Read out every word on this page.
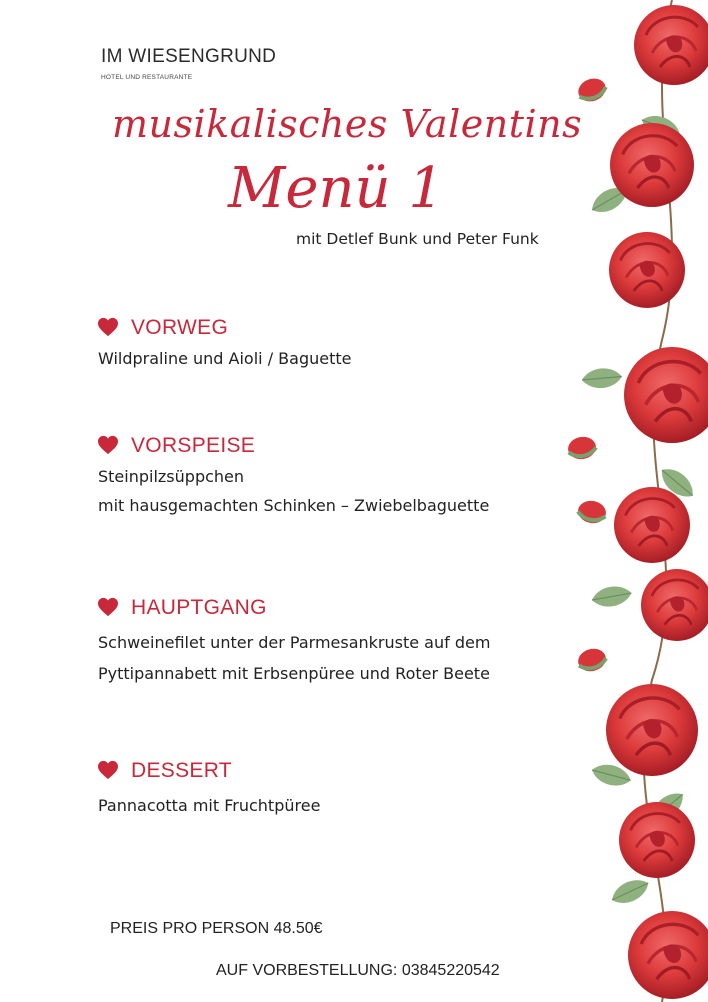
IM WIESENGRUND
HOTEL UND RESTAURANTE
musikalisches Valentins
Menü 1
mit Detlef Bunk und Peter Funk
VORWEG
Wildpraline und Aioli / Baguette
VORSPEISE
Steinpilzsüppchen
mit hausgemachten Schinken – Zwiebelbaguette
HAUPTGANG
Schweinefilet unter der Parmesankruste auf dem
Pyttipannabett mit Erbsenpüree und Roter Beete
DESSERT
Pannacotta mit Fruchtpüree
PREIS PRO PERSON 48.50€
AUF VORBESTELLUNG: 03845220542
